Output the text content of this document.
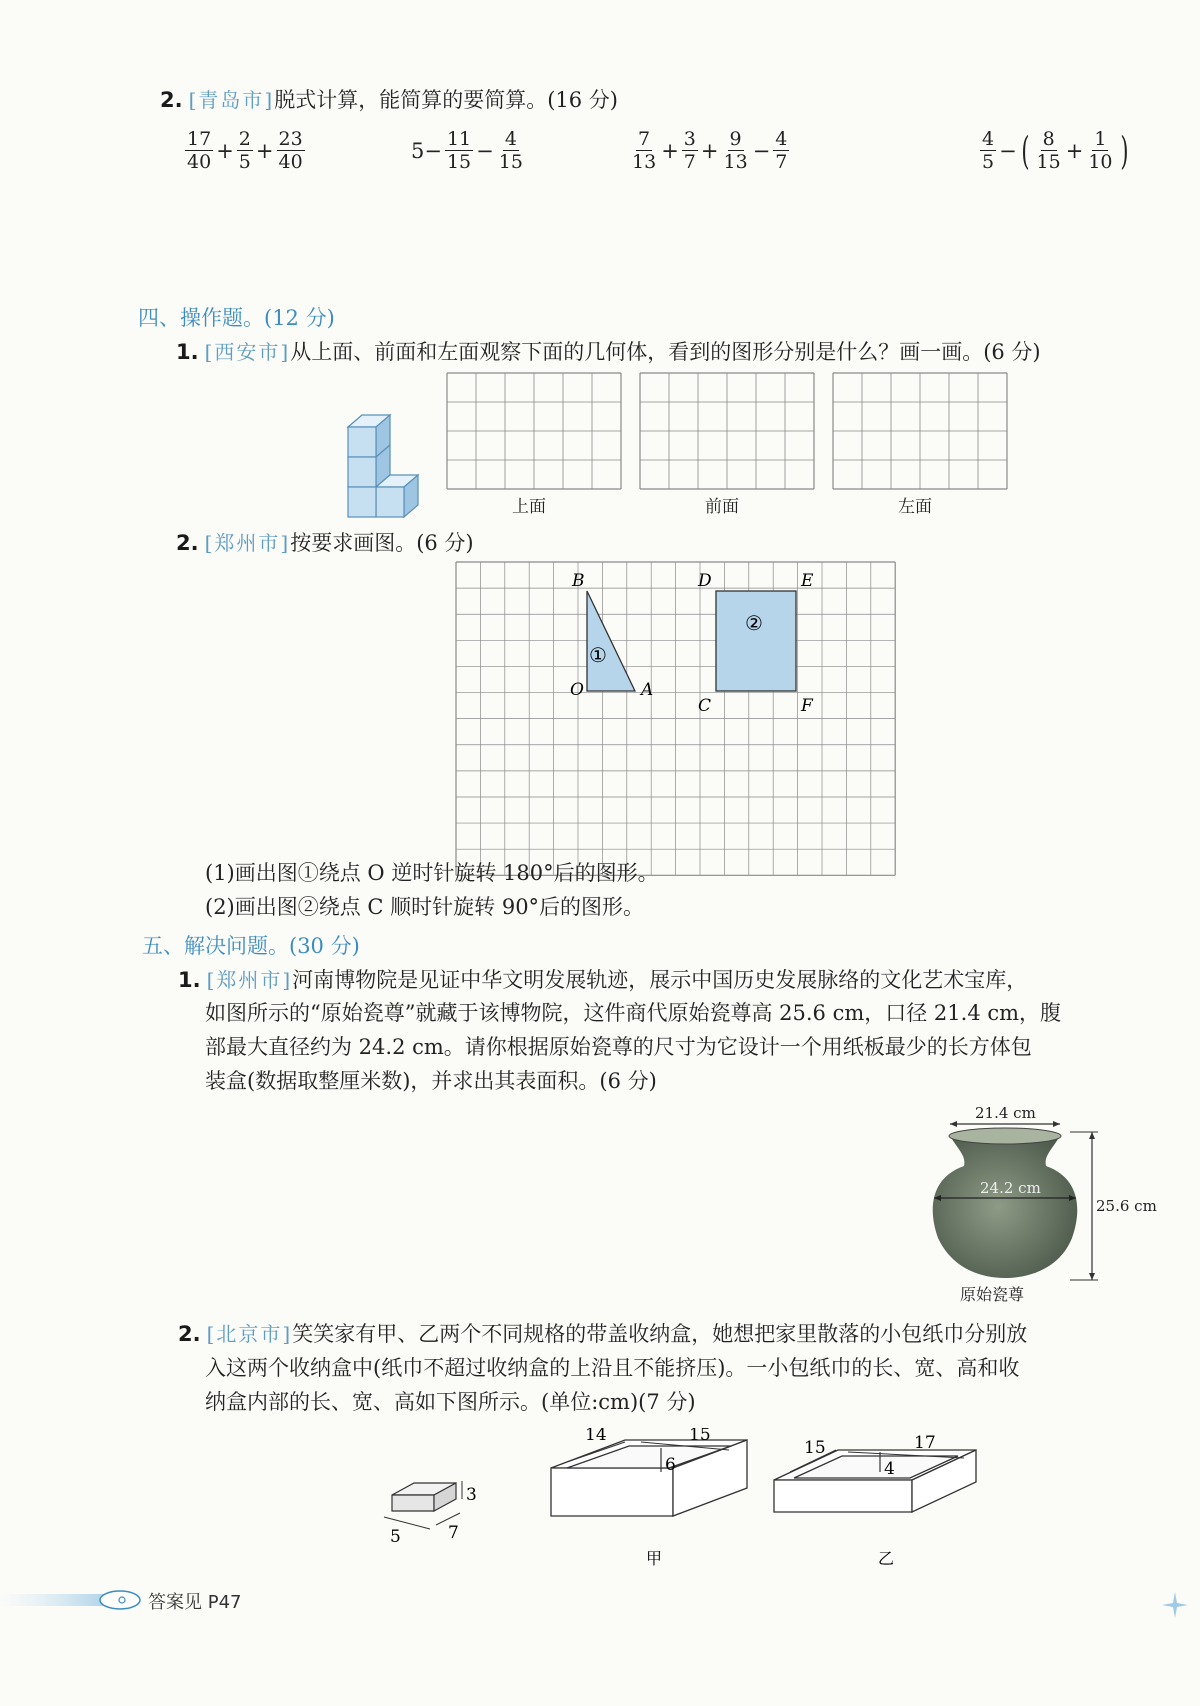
2. [青岛市] 脱式计算，能简算的要简算。(16 分)
$\frac{17}{40} + \frac{2}{5} + \frac{23}{40}$	$5- \frac{11}{15} - \frac{4}{15}$	$\frac{7}{13} + \frac{3}{7} + \frac{9}{13} - \frac{4}{7}$	$\frac{4}{5}$ − ( $\frac{8}{15} + \frac{1}{10}$ )
四、操作题。(12 分)
1. [西安市] 从上面、前面和左面观察下面的几何体，看到的图形分别是什么？画一画。(6 分)
上面	前面	左面
2. [郑州市] 按要求画图。(6 分)
B
O	A
D	E
C	F
①
②
(1)画出图①绕点 O 逆时针旋转 180°后的图形。
(2)画出图②绕点 C 顺时针旋转 90°后的图形。
五、解决问题。(30 分)
1. [郑州市] 河南博物院是见证中华文明发展轨迹，展示中国历史发展脉络的文化艺术宝库，
如图所示的“原始瓷尊”就藏于该博物院，这件商代原始瓷尊高 25.6 cm，口径 21.4 cm，腹
部最大直径约为 24.2 cm。请你根据原始瓷尊的尺寸为它设计一个用纸板最少的长方体包
装盒(数据取整厘米数)，并求出其表面积。(6 分)
21.4 cm
24.2 cm
25.6 cm
原始瓷尊
2. [北京市] 笑笑家有甲、乙两个不同规格的带盖收纳盒，她想把家里散落的小包纸巾分别放
入这两个收纳盒中(纸巾不超过收纳盒的上沿且不能挤压)。一小包纸巾的长、宽、高和收
纳盒内部的长、宽、高如下图所示。(单位:cm)(7 分)
3
5	7
14	15
6
甲
15	17
4
乙
答案见 P47
